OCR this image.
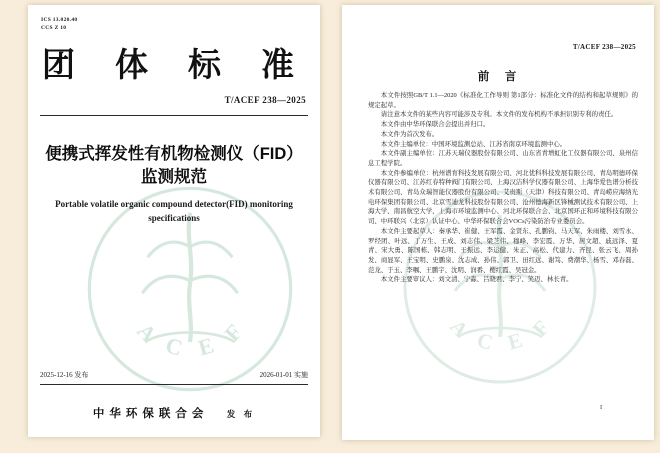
A C E F
ICS 13.020.40
CCS Z 10
团 体 标 准
T/ACEF 238—2025
便携式挥发性有机物检测仪（FID）监测规范
Portable volatile organic compound detector(FID) monitoring
specifications
2025-12-16 发布	2026-01-01 实施
中华环保联合会 发 布
A C E F
T/ACEF 238—2025
前　言

本文件按照GB/T 1.1—2020《标准化工作导则 第1部分：标准化文件的结构和起草规则》的规定起草。

请注意本文件的某些内容可能涉及专利。本文件的发布机构不承担识别专利的责任。

本文件由中华环保联合会提出并归口。

本文件为首次发布。

本文件主编单位：中国环境监测总站、江苏省南京环境监测中心。

本文件副主编单位：江苏天瑞仪器股份有限公司、山东省青增虹化工仪器有限公司、泉州信息工程学院。

本文件参编单位：杭州谱育科技发展有限公司、河北优科科技发展有限公司、青岛明德环保仪器有限公司、江苏红春特种阀门有限公司、上海汉洁科学仪器有限公司、上海华爱色谱分析技术有限公司、青岛众瑞智能仪器股份有限公司、艾贵斯（天津）科技有限公司、青岛崂应海纳光电环保集团有限公司、北京雪迪龙科技股份有限公司、沧州德海新区锋械测试技术有限公司、上海大学、南昌航空大学、上海市环境监测中心、河北环保联合会、北京国环正和环境科技有限公司、中环联兴（北京）认证中心、中华环保联合会VOCs污染防治专业委员会。

本文件主要起草人：秦承华、崔健、王军霞、金贤东、孔鹏钧、马天军、朱雨楼、刘雪永、罗经团、叶远、丁万生、王成、刘志伟、梁芝伟、穆峰、李宏霞、万华、居文超、戚远泽、夏青、宋大勇、陈国栋、韩志明、王振远、李运健、朱正、高松、代建力、齐昆、张云飞、周孙发、商显军、王宝明、史鹏泉、沈志成、孙伟、郭卫、田红远、谢笃、费潮华、杨雪、邓春磊、范龙、于玉、李嘱、王鹏宇、沈明、润番、樱红霞、吴冠金。

本文件主要审议人：刘文清、宁淼、吕晓君、李宁、笑迈、林长青。

I
